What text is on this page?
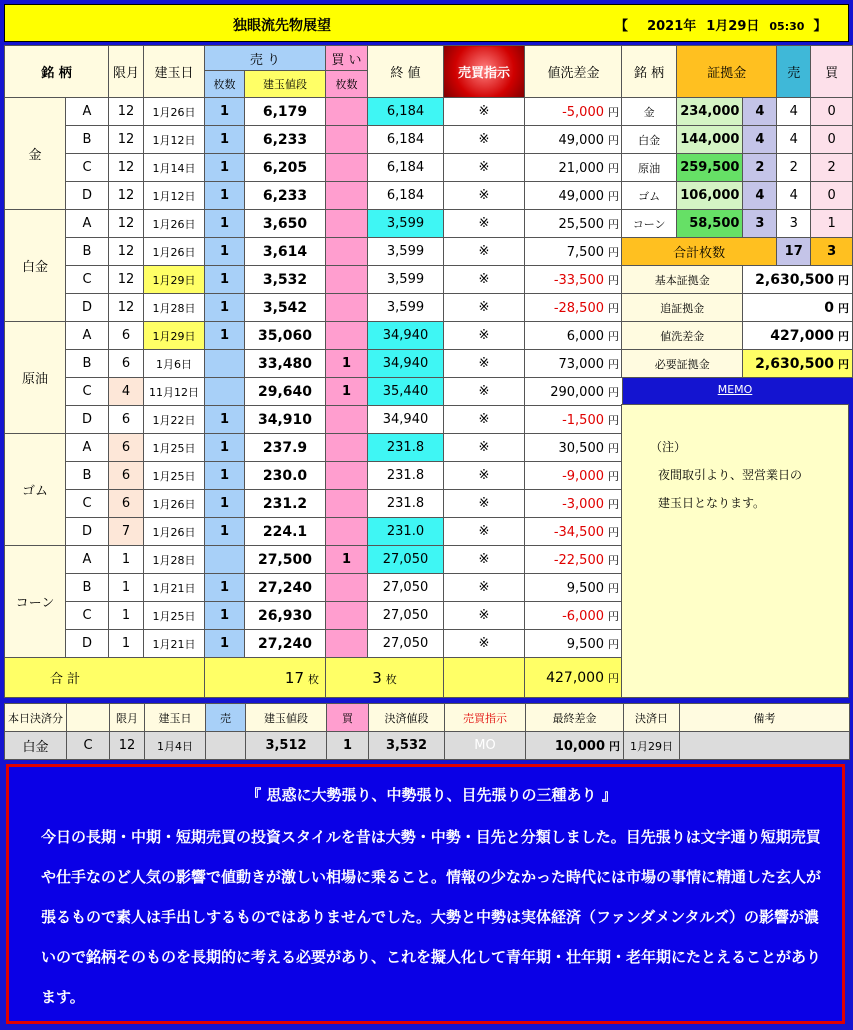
独眼流先物展望	【 2021年 1月29日 05:30 】
銘 柄		限月	建玉日	売 り		買 い	終 値	売買指示	値洗差金
				枚数	建玉値段	枚数			
金	A	12	1月26日	1	6,179		6,184	※	-5,000 円
	B	12	1月12日	1	6,233		6,184	※	49,000 円
	C	12	1月14日	1	6,205		6,184	※	21,000 円
	D	12	1月12日	1	6,233		6,184	※	49,000 円
白金	A	12	1月26日	1	3,650		3,599	※	25,500 円
	B	12	1月26日	1	3,614		3,599	※	7,500 円
	C	12	1月29日	1	3,532		3,599	※	-33,500 円
	D	12	1月28日	1	3,542		3,599	※	-28,500 円
原油	A	6	1月29日	1	35,060		34,940	※	6,000 円
	B	6	1月6日		33,480	1	34,940	※	73,000 円
	C	4	11月12日		29,640	1	35,440	※	290,000 円
	D	6	1月22日	1	34,910		34,940	※	-1,500 円
ゴム	A	6	1月25日	1	237.9		231.8	※	30,500 円
	B	6	1月25日	1	230.0		231.8	※	-9,000 円
	C	6	1月26日	1	231.2		231.8	※	-3,000 円
	D	7	1月26日	1	224.1		231.0	※	-34,500 円
コーン	A	1	1月28日		27,500	1	27,050	※	-22,500 円
	B	1	1月21日	1	27,240		27,050	※	9,500 円
	C	1	1月25日	1	26,930		27,050	※	-6,000 円
	D	1	1月21日	1	27,240		27,050	※	9,500 円
合 計				17 枚		3 枚			427,000 円
銘 柄	証拠金		売	買
金	234,000	4	4	0
白金	144,000	4	4	0
原油	259,500	2	2	2
ゴム	106,000	4	4	0
コーン	58,500	3	3	1
合計枚数			17	3
基本証拠金		2,630,500 円		
追証拠金		0 円		
値洗差金		427,000 円		
必要証拠金		2,630,500 円		
MEMO
（注）
夜間取引より、翌営業日の
建玉日となります。
本日決済分		限月	建玉日	売	建玉値段	買	決済値段	売買指示	最終差金	決済日	備考
白金	C	12	1月4日		3,512	1	3,532	MO	10,000 円	1月29日	
『 思惑に大勢張り、中勢張り、目先張りの三種あり 』
今日の長期・中期・短期売買の投資スタイルを昔は大勢・中勢・目先と分類しました。目先張りは文字通り短期売買や仕手なのど人気の影響で値動きが激しい相場に乗ること。情報の少なかった時代には市場の事情に精通した玄人が張るもので素人は手出しするものではありませんでした。大勢と中勢は実体経済（ファンダメンタルズ）の影響が濃いので銘柄そのものを長期的に考える必要があり、これを擬人化して青年期・壮年期・老年期にたとえることがあります。
